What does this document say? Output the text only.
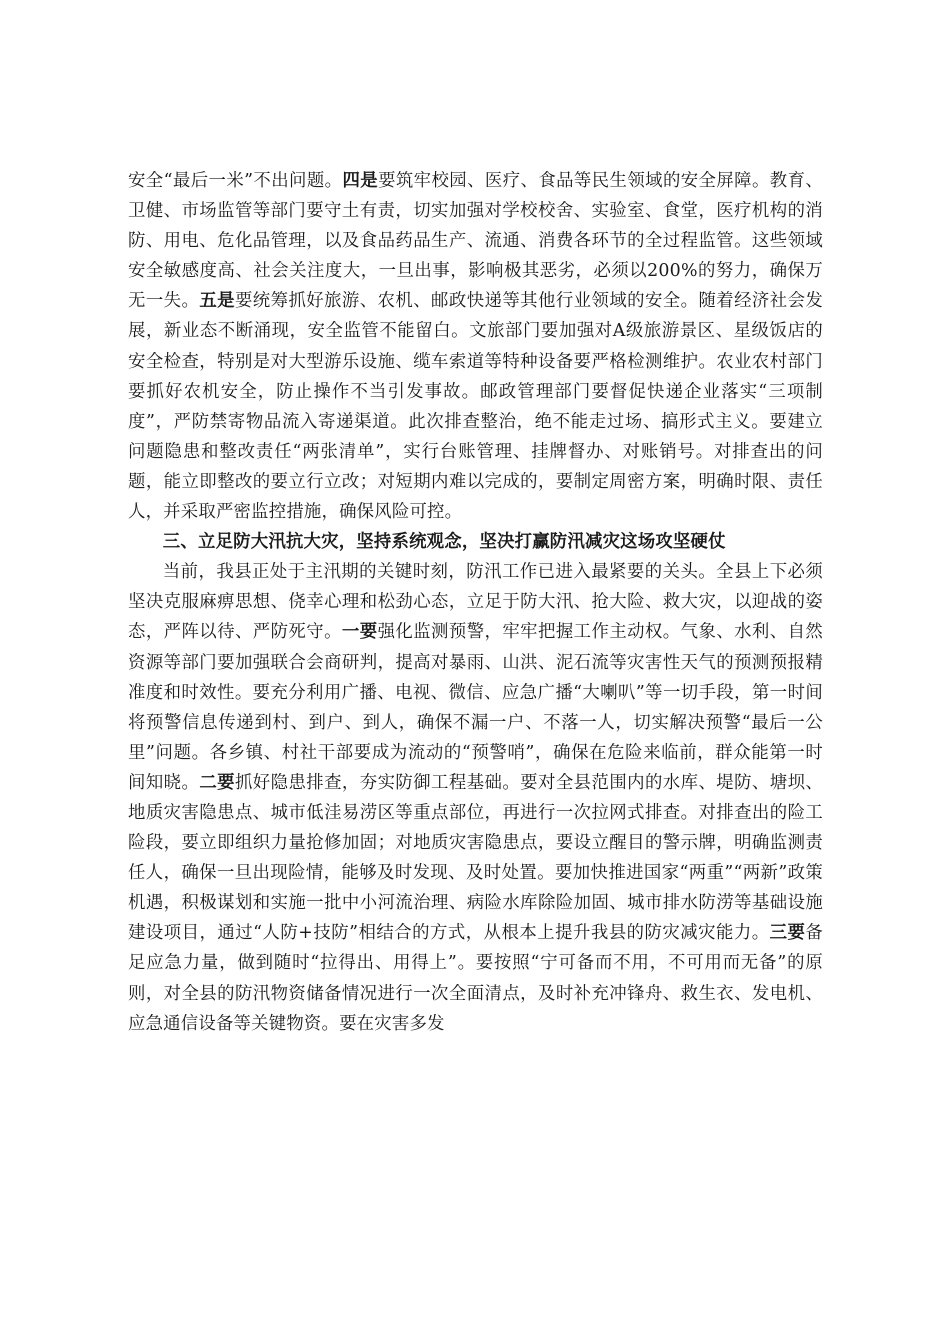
安全“最后一米”不出问题。四是要筑牢校园、医疗、食品等民生领域的安全屏障。教育、卫健、市场监管等部门要守土有责，切实加强对学校校舍、实验室、食堂，医疗机构的消防、用电、危化品管理，以及食品药品生产、流通、消费各环节的全过程监管。这些领域安全敏感度高、社会关注度大，一旦出事，影响极其恶劣，必须以200%的努力，确保万无一失。五是要统筹抓好旅游、农机、邮政快递等其他行业领域的安全。随着经济社会发展，新业态不断涌现，安全监管不能留白。文旅部门要加强对A级旅游景区、星级饭店的安全检查，特别是对大型游乐设施、缆车索道等特种设备要严格检测维护。农业农村部门要抓好农机安全，防止操作不当引发事故。邮政管理部门要督促快递企业落实“三项制度”，严防禁寄物品流入寄递渠道。此次排查整治，绝不能走过场、搞形式主义。要建立问题隐患和整改责任“两张清单”，实行台账管理、挂牌督办、对账销号。对排查出的问题，能立即整改的要立行立改；对短期内难以完成的，要制定周密方案，明确时限、责任人，并采取严密监控措施，确保风险可控。

三、立足防大汛抗大灾，坚持系统观念，坚决打赢防汛减灾这场攻坚硬仗

当前，我县正处于主汛期的关键时刻，防汛工作已进入最紧要的关头。全县上下必须坚决克服麻痹思想、侥幸心理和松劲心态，立足于防大汛、抢大险、救大灾，以迎战的姿态，严阵以待、严防死守。一要强化监测预警，牢牢把握工作主动权。气象、水利、自然资源等部门要加强联合会商研判，提高对暴雨、山洪、泥石流等灾害性天气的预测预报精准度和时效性。要充分利用广播、电视、微信、应急广播“大喇叭”等一切手段，第一时间将预警信息传递到村、到户、到人，确保不漏一户、不落一人，切实解决预警“最后一公里”问题。各乡镇、村社干部要成为流动的“预警哨”，确保在危险来临前，群众能第一时间知晓。二要抓好隐患排查，夯实防御工程基础。要对全县范围内的水库、堤防、塘坝、地质灾害隐患点、城市低洼易涝区等重点部位，再进行一次拉网式排查。对排查出的险工险段，要立即组织力量抢修加固；对地质灾害隐患点，要设立醒目的警示牌，明确监测责任人，确保一旦出现险情，能够及时发现、及时处置。要加快推进国家“两重”“两新”政策机遇，积极谋划和实施一批中小河流治理、病险水库除险加固、城市排水防涝等基础设施建设项目，通过“人防+技防”相结合的方式，从根本上提升我县的防灾减灾能力。三要备足应急力量，做到随时“拉得出、用得上”。要按照“宁可备而不用，不可用而无备”的原则，对全县的防汛物资储备情况进行一次全面清点，及时补充冲锋舟、救生衣、发电机、应急通信设备等关键物资。要在灾害多发
